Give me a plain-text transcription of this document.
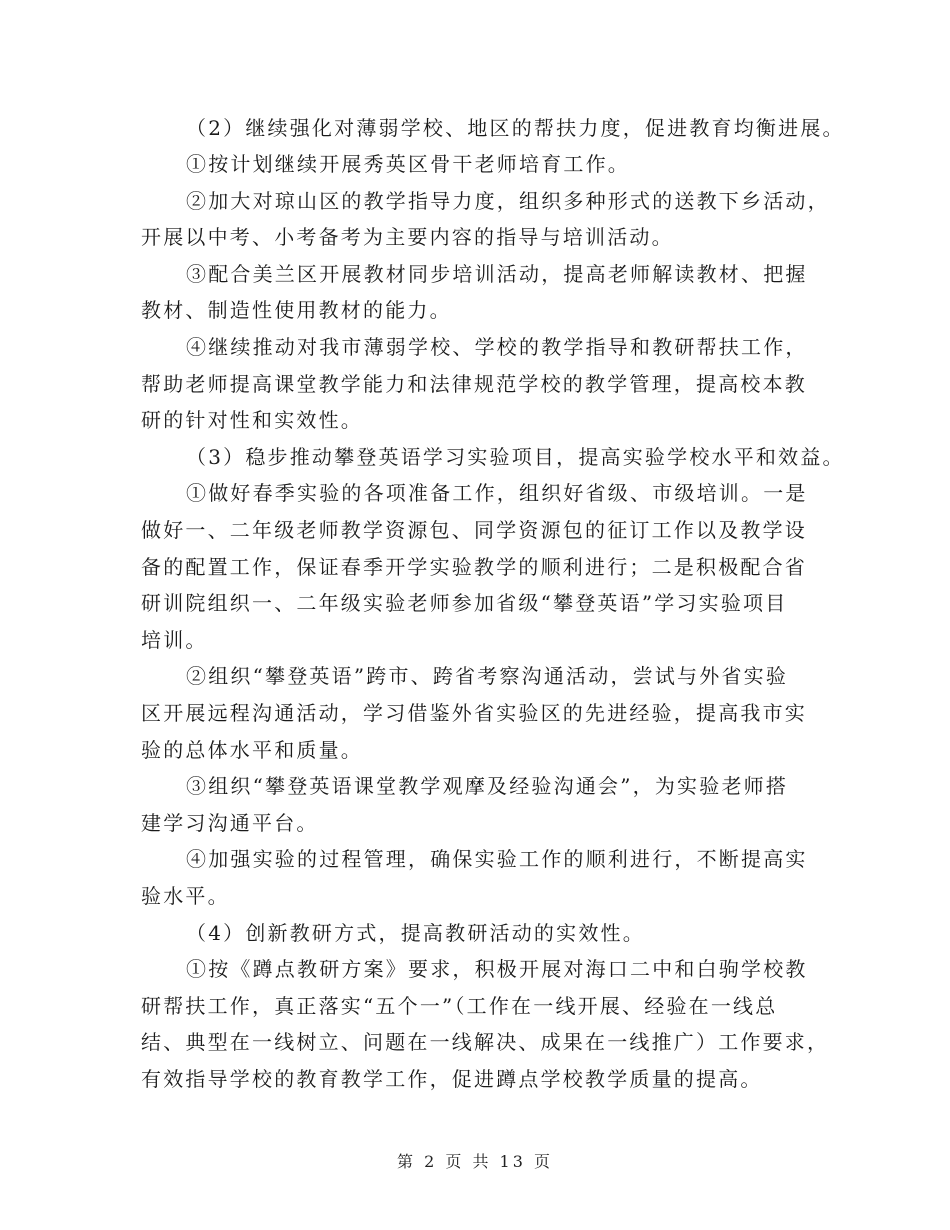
（2）继续强化对薄弱学校、地区的帮扶力度，促进教育均衡进展。
①按计划继续开展秀英区骨干老师培育工作。
②加大对琼山区的教学指导力度，组织多种形式的送教下乡活动，
开展以中考、小考备考为主要内容的指导与培训活动。
③配合美兰区开展教材同步培训活动，提高老师解读教材、把握
教材、制造性使用教材的能力。
④继续推动对我市薄弱学校、学校的教学指导和教研帮扶工作，
帮助老师提高课堂教学能力和法律规范学校的教学管理，提高校本教
研的针对性和实效性。
（3）稳步推动攀登英语学习实验项目，提高实验学校水平和效益。
①做好春季实验的各项准备工作，组织好省级、市级培训。一是
做好一、二年级老师教学资源包、同学资源包的征订工作以及教学设
备的配置工作，保证春季开学实验教学的顺利进行；二是积极配合省
研训院组织一、二年级实验老师参加省级“攀登英语”学习实验项目
培训。
②组织“攀登英语”跨市、跨省考察沟通活动，尝试与外省实验
区开展远程沟通活动，学习借鉴外省实验区的先进经验，提高我市实
验的总体水平和质量。
③组织“攀登英语课堂教学观摩及经验沟通会”，为实验老师搭
建学习沟通平台。
④加强实验的过程管理，确保实验工作的顺利进行，不断提高实
验水平。
（4）创新教研方式，提高教研活动的实效性。
①按《蹲点教研方案》要求，积极开展对海口二中和白驹学校教
研帮扶工作，真正落实“五个一”（工作在一线开展、经验在一线总
结、典型在一线树立、问题在一线解决、成果在一线推广）工作要求，
有效指导学校的教育教学工作，促进蹲点学校教学质量的提高。
第 2 页 共 13 页
